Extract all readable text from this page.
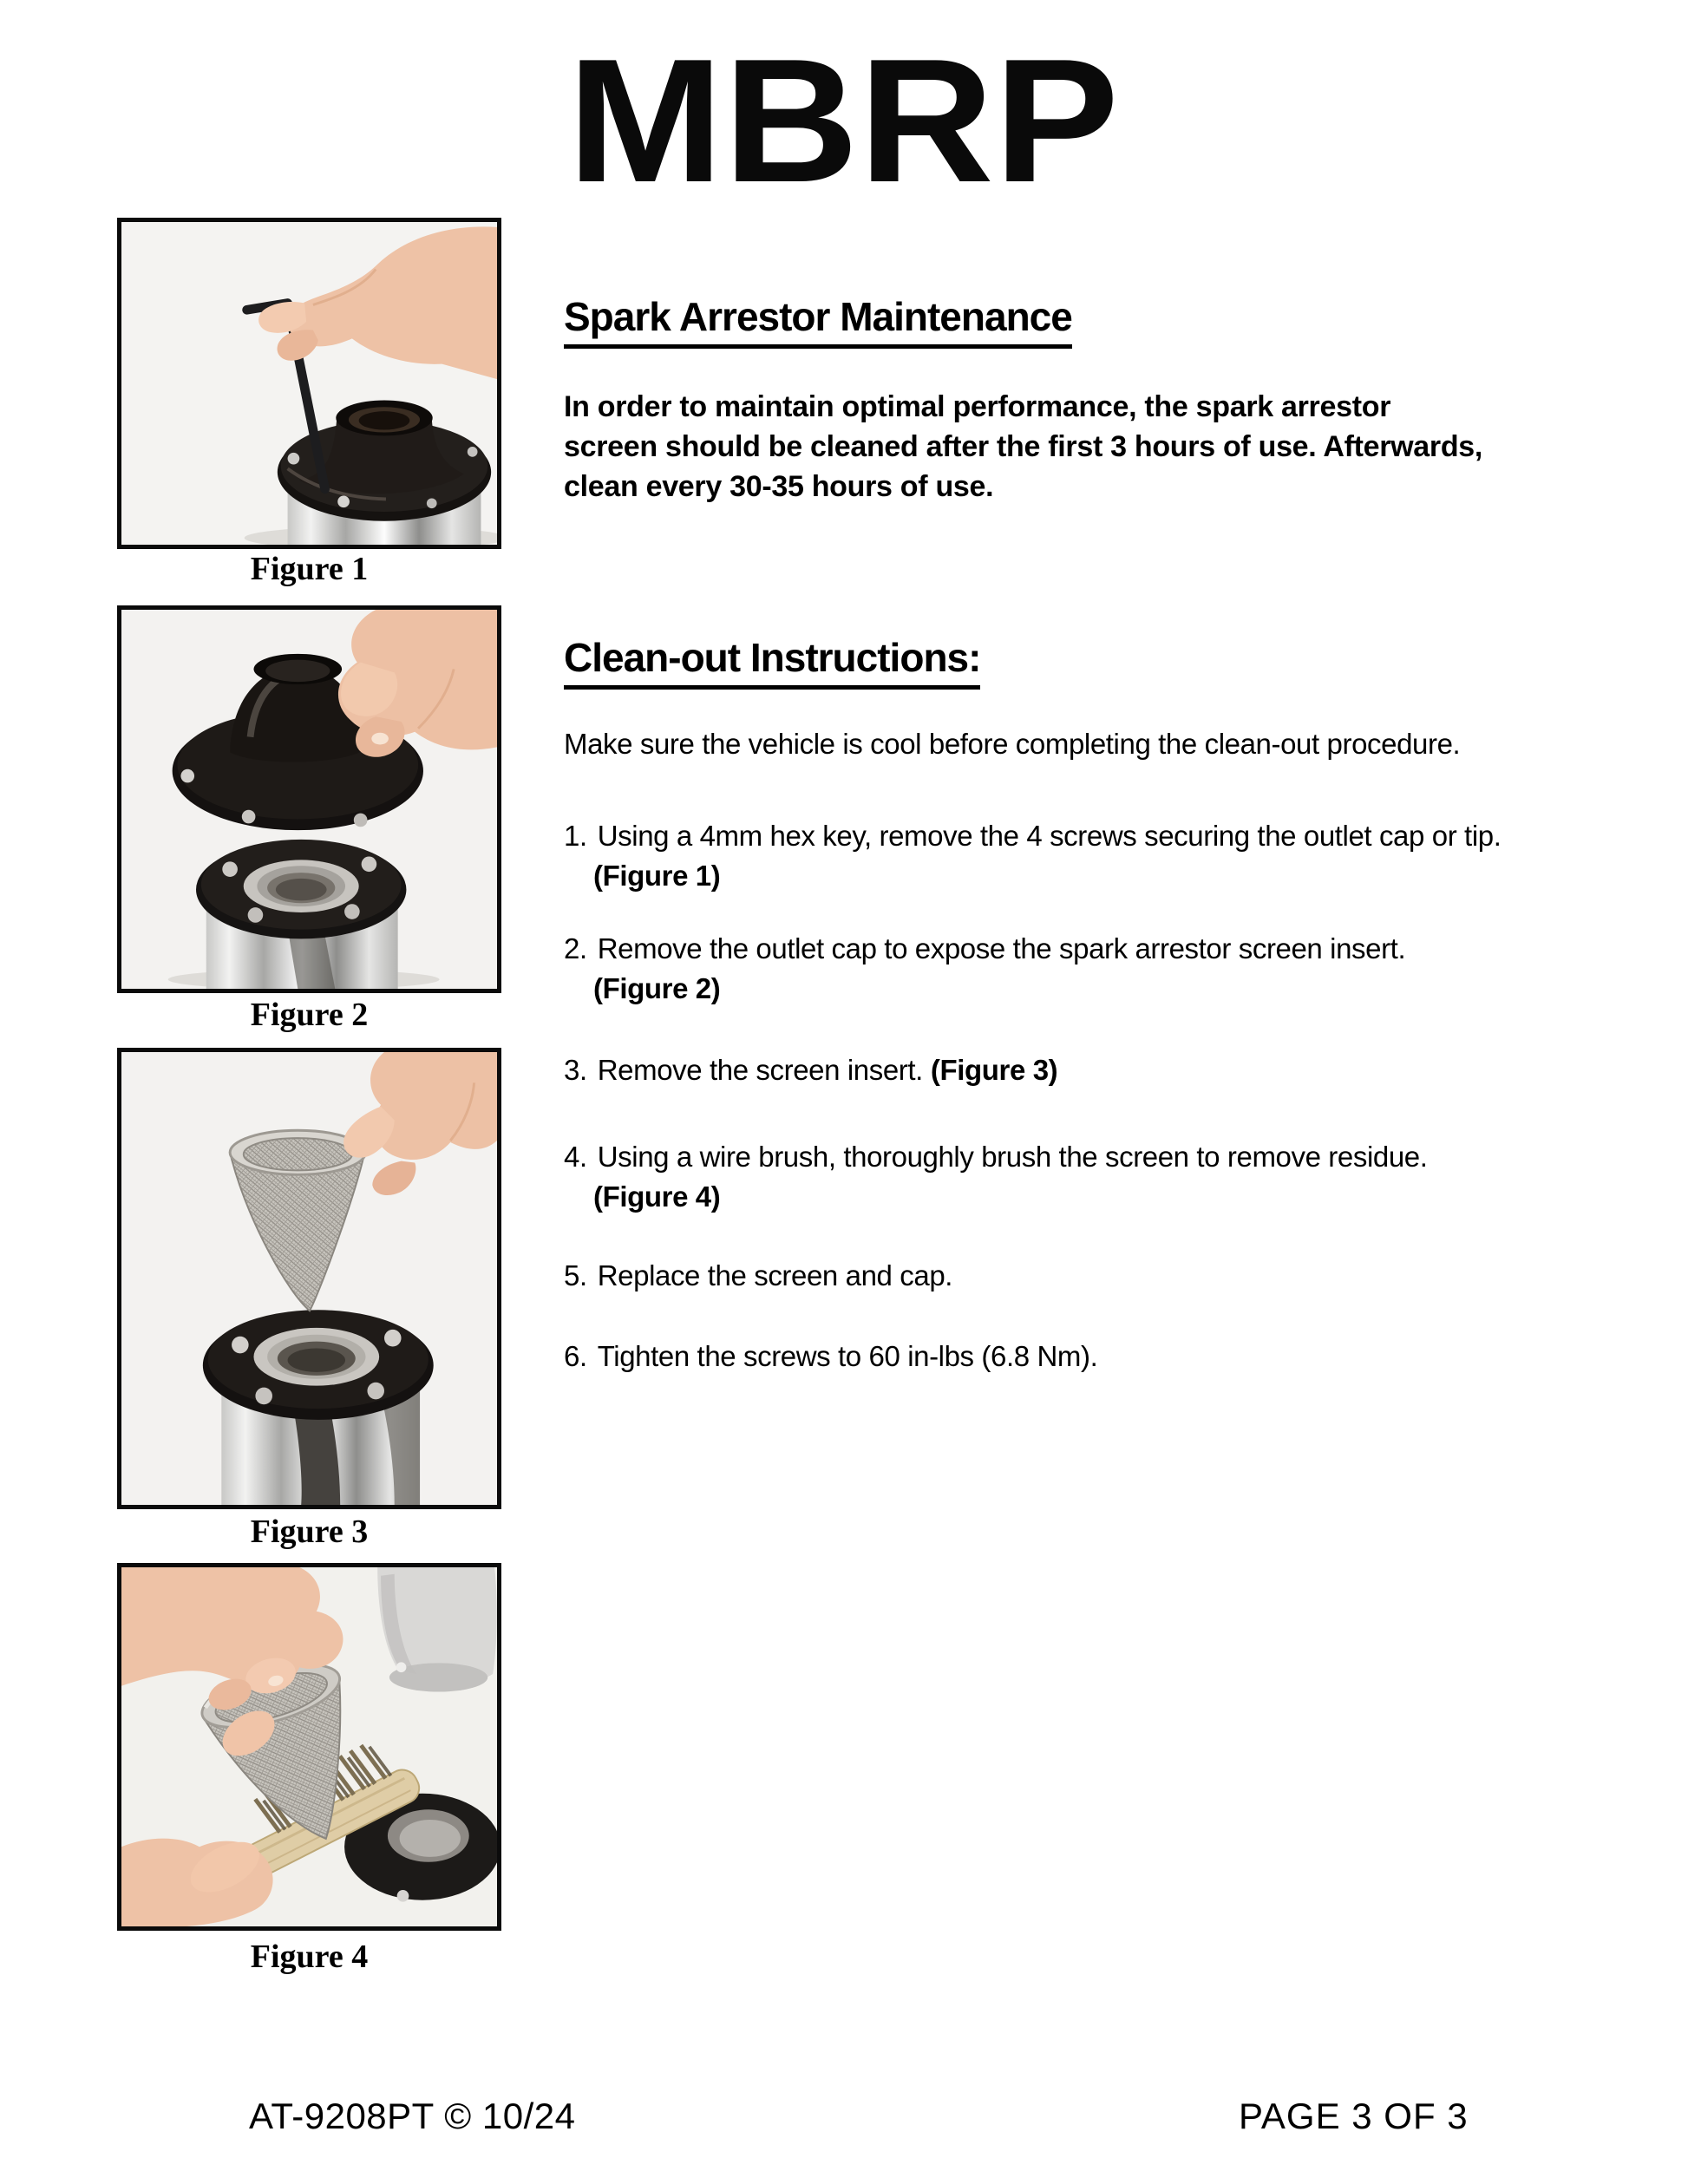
MBRP
Figure 1
Figure 2
Figure 3
Figure 4
Spark Arrestor Maintenance
In order to maintain optimal performance, the spark arrestor
screen should be cleaned after the first 3 hours of use. Afterwards,
clean every 30-35 hours of use.
Clean-out Instructions:
Make sure the vehicle is cool before completing the clean-out procedure.
1. Using a 4mm hex key, remove the 4 screws securing the outlet cap or tip.
(Figure 1)
2. Remove the outlet cap to expose the spark arrestor screen insert.
(Figure 2)
3. Remove the screen insert. (Figure 3)
4. Using a wire brush, thoroughly brush the screen to remove residue.
(Figure 4)
5. Replace the screen and cap.
6. Tighten the screws to 60 in-lbs (6.8 Nm).
AT-9208PT © 10/24	PAGE 3 OF 3
